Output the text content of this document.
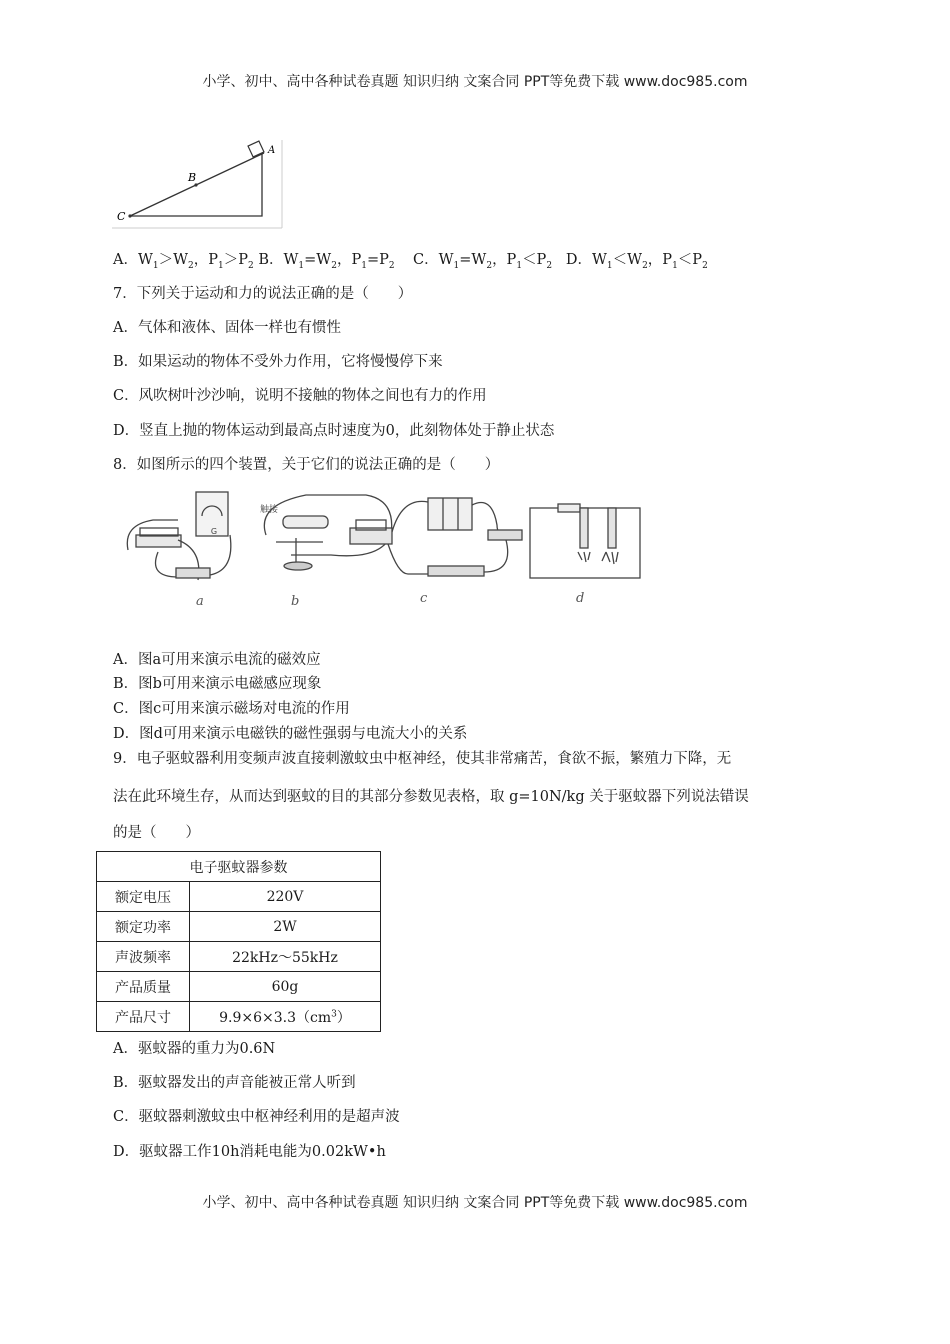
小学、初中、高中各种试卷真题 知识归纳 文案合同 PPT等免费下载 www.doc985.com
A
B
C
A．$W_1>W_2$，$P_1>P_2$ B．$W_1=W_2$，$P_1=P_2$ C．$W_1=W_2$，$P_1<P_2$ D．$W_1<W_2$，$P_1<P_2$
7．下列关于运动和力的说法正确的是（　　）
A．气体和液体、固体一样也有惯性
B．如果运动的物体不受外力作用，它将慢慢停下来
C．风吹树叶沙沙响，说明不接触的物体之间也有力的作用
D．竖直上抛的物体运动到最高点时速度为0，此刻物体处于静止状态
8．如图所示的四个装置，关于它们的说法正确的是（　　）
G
a
触接
b	c	d
A．图a可用来演示电流的磁效应
B．图b可用来演示电磁感应现象
C．图c可用来演示磁场对电流的作用
D．图d可用来演示电磁铁的磁性强弱与电流大小的关系
9．电子驱蚊器利用变频声波直接刺激蚊虫中枢神经，使其非常痛苦，食欲不振，繁殖力下降，无
法在此环境生存，从而达到驱蚊的目的其部分参数见表格，取 g=10N/kg 关于驱蚊器下列说法错误
的是（　　）
电子驱蚊器参数	
额定电压	220V
额定功率	2W
声波频率	22kHz～55kHz
产品质量	60g
产品尺寸	$9.9\times 6\times 3.3(cm^3)$
A．驱蚊器的重力为0.6N
B．驱蚊器发出的声音能被正常人听到
C．驱蚊器刺激蚊虫中枢神经利用的是超声波
D．驱蚊器工作10h消耗电能为0.02kW•h
小学、初中、高中各种试卷真题 知识归纳 文案合同 PPT等免费下载 www.doc985.com
